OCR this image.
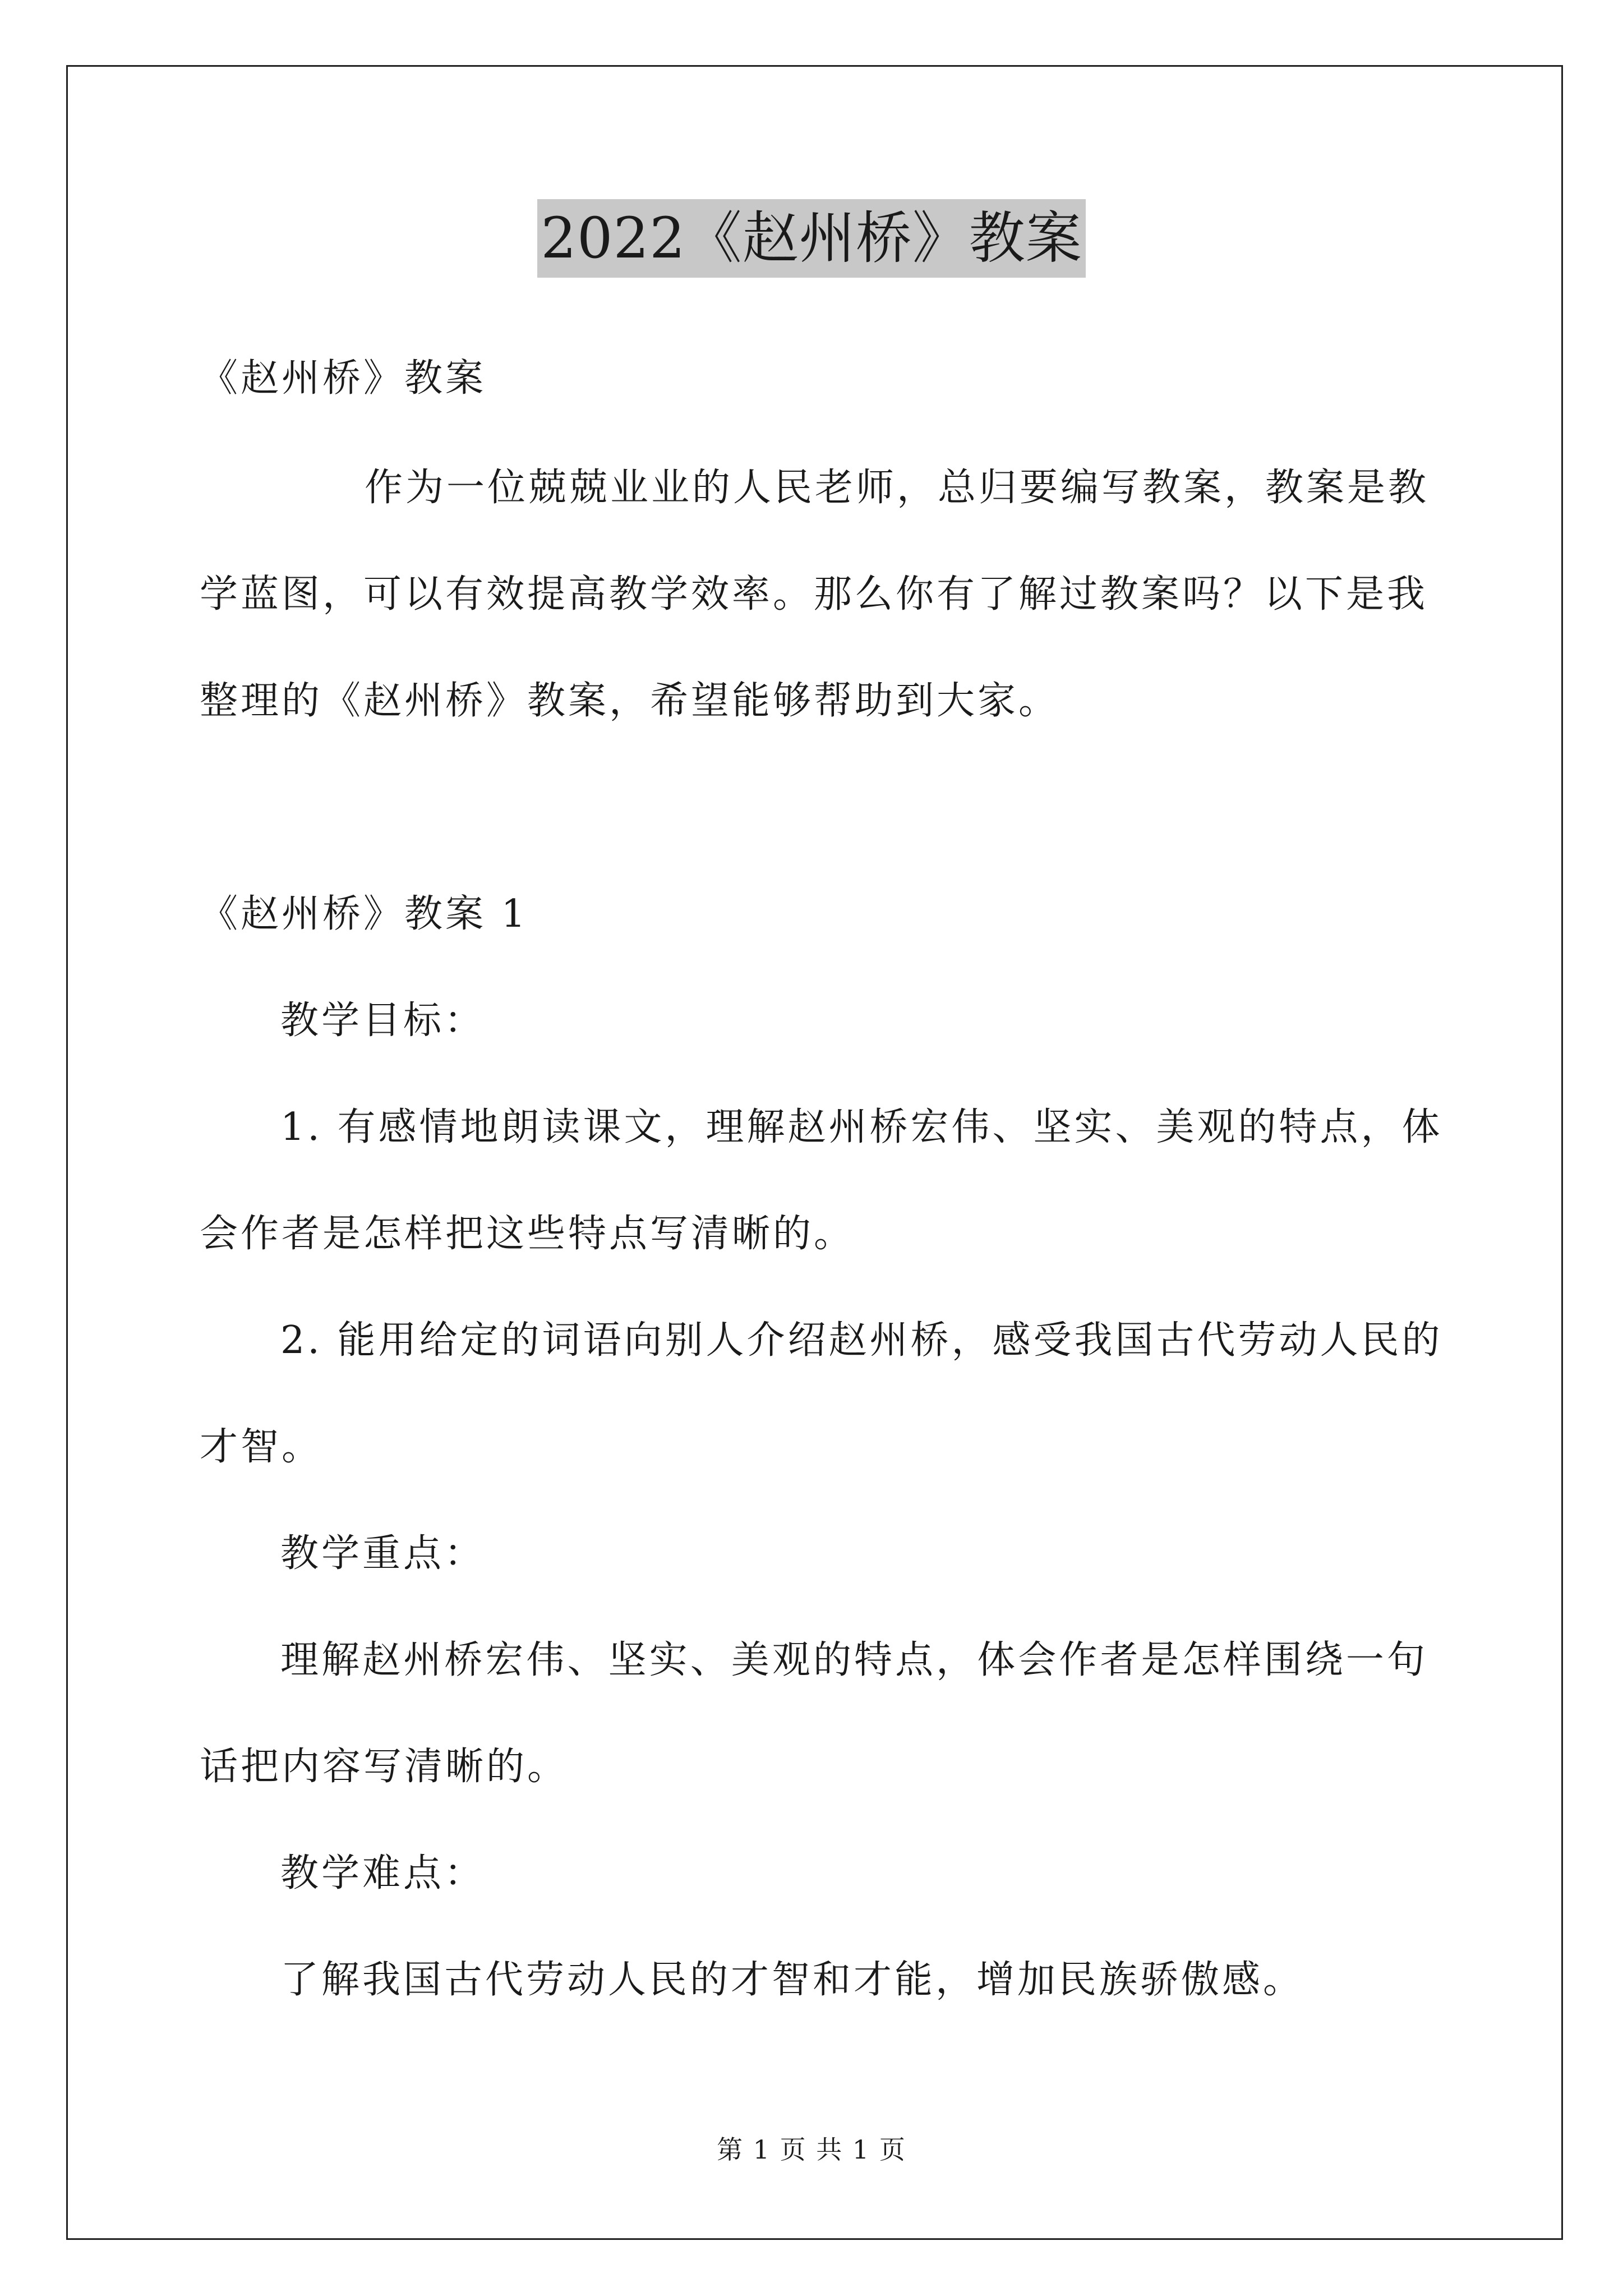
2022《赵州桥》教案
《赵州桥》教案
作为一位兢兢业业的人民老师，总归要编写教案，教案是教
学蓝图，可以有效提高教学效率。那么你有了解过教案吗？以下是我
整理的《赵州桥》教案，希望能够帮助到大家。
《赵州桥》教案 1
教学目标：
1. 有感情地朗读课文，理解赵州桥宏伟、坚实、美观的特点，体
会作者是怎样把这些特点写清晰的。
2. 能用给定的词语向别人介绍赵州桥，感受我国古代劳动人民的
才智。
教学重点：
理解赵州桥宏伟、坚实、美观的特点，体会作者是怎样围绕一句
话把内容写清晰的。
教学难点：
了解我国古代劳动人民的才智和才能，增加民族骄傲感。
第 1 页 共 1 页
